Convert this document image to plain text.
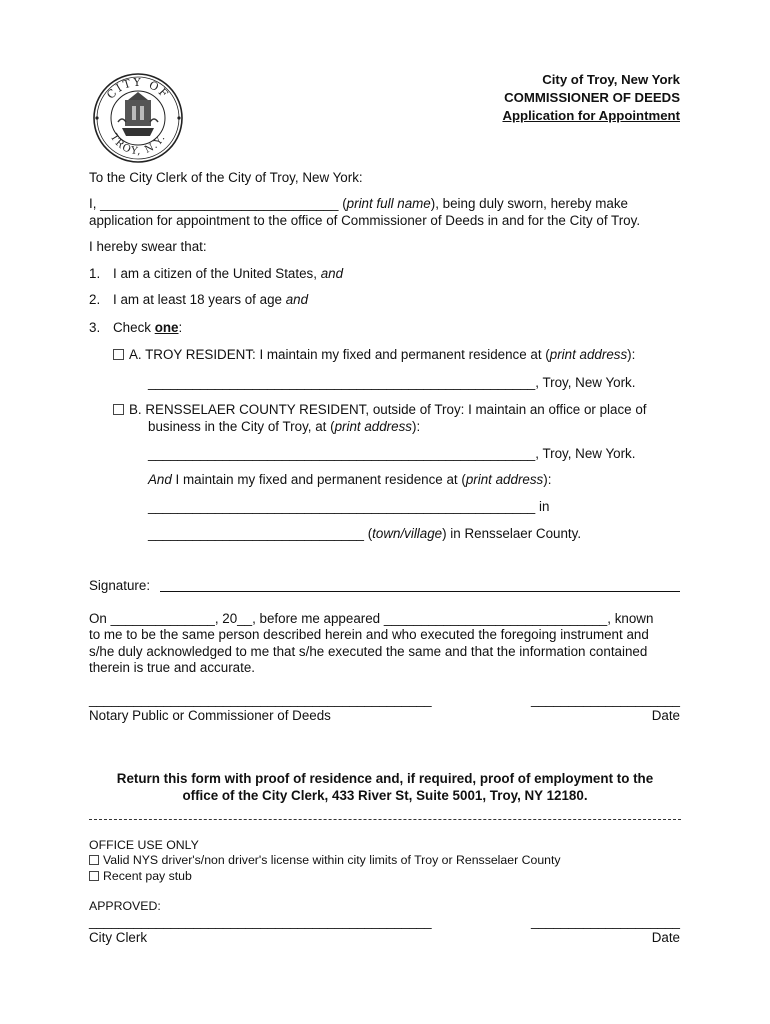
CITY OF
TROY, N.Y.
City of Troy, New York
COMMISSIONER OF DEEDS
Application for Appointment
To the City Clerk of the City of Troy, New York:
I, ________________________________ (print full name), being duly sworn, hereby make
application for appointment to the office of Commissioner of Deeds in and for the City of Troy.
I hereby swear that:
1. I am a citizen of the United States, and
2. I am at least 18 years of age and
3. Check one:
A. TROY RESIDENT: I maintain my fixed and permanent residence at (print address):
____________________________________________________, Troy, New York.
B. RENSSELAER COUNTY RESIDENT, outside of Troy: I maintain an office or place of
business in the City of Troy, at (print address):
____________________________________________________, Troy, New York.
And I maintain my fixed and permanent residence at (print address):
____________________________________________________ in
_____________________________ (town/village) in Rensselaer County.
Signature:
On ______________, 20__, before me appeared ______________________________, known
to me to be the same person described herein and who executed the foregoing instrument and
s/he duly acknowledged to me that s/he executed the same and that the information contained
therein is true and accurate.
______________________________________________	____________________
Notary Public or Commissioner of Deeds	Date
Return this form with proof of residence and, if required, proof of employment to the
office of the City Clerk, 433 River St, Suite 5001, Troy, NY 12180.
OFFICE USE ONLY
Valid NYS driver's/non driver's license within city limits of Troy or Rensselaer County
Recent pay stub
APPROVED:
______________________________________________	____________________
City Clerk	Date
